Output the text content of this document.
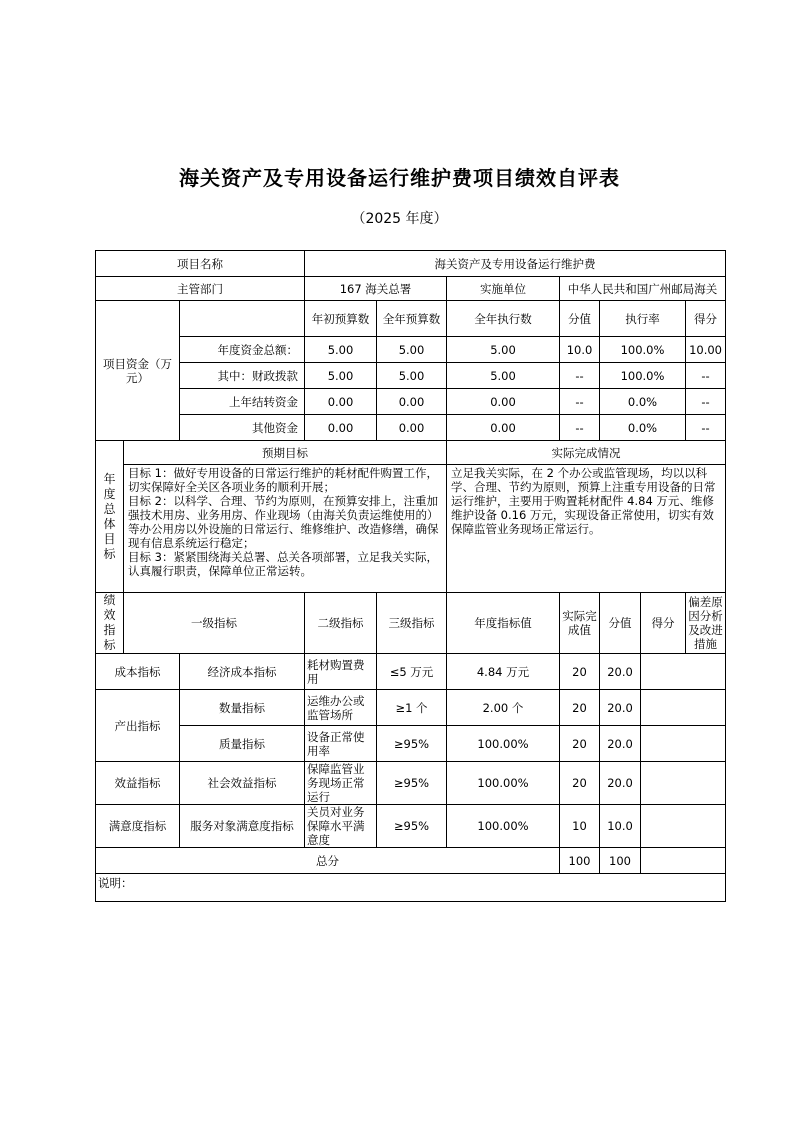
海关资产及专用设备运行维护费项目绩效自评表
（2025 年度）
项目名称			海关资产及专用设备运行维护费						
主管部门			167 海关总署		实施单位	中华人民共和国广州邮局海关			
项目资金（万元）			年初预算数	全年预算数	全年执行数	分值	执行率		得分
		年度资金总额：	5.00	5.00	5.00	10.0	100.0%		10.00
		其中：财政拨款	5.00	5.00	5.00	--	100.0%		--
		上年结转资金	0.00	0.00	0.00	--	0.0%		--
		其他资金	0.00	0.00	0.00	--	0.0%		--

年度总体目标	预期目标				实际完成情况				

	目标 1：做好专用设备的日常运行维护的耗材配件购置工作，切实保障好全关区各项业务的顺利开展；
目标 2：以科学、合理、节约为原则，在预算安排上，注重加强技术用房、业务用房、作业现场（由海关负责运维使用的）等办公用房以外设施的日常运行、维修维护、改造修缮，确保现有信息系统运行稳定；
目标 3：紧紧围绕海关总署、总关各项部署，立足我关实际，认真履行职责，保障单位正常运转。				立足我关实际，在 2 个办公或监管现场，均以以科学、合理、节约为原则，预算上注重专用设备的日常运行维护，主要用于购置耗材配件 4.84 万元、维修维护设备 0.16 万元，实现设备正常使用，切实有效保障监管业务现场正常运行。				

绩效指标	一级指标		二级指标	三级指标	年度指标值	实际完成值	分值	得分	偏差原因分析及改进措施
成本指标		经济成本指标	耗材购置费用	≤5 万元	4.84 万元	20	20.0		
产出指标		数量指标	运维办公或监管场所	≥1 个	2.00 个	20	20.0		
		质量指标	设备正常使用率	≥95%	100.00%	20	20.0		
效益指标		社会效益指标	保障监管业务现场正常运行	≥95%	100.00%	20	20.0		
满意度指标		服务对象满意度指标	关员对业务保障水平满意度	≥95%	100.00%	10	10.0		
总分						100	100		
说明：									
